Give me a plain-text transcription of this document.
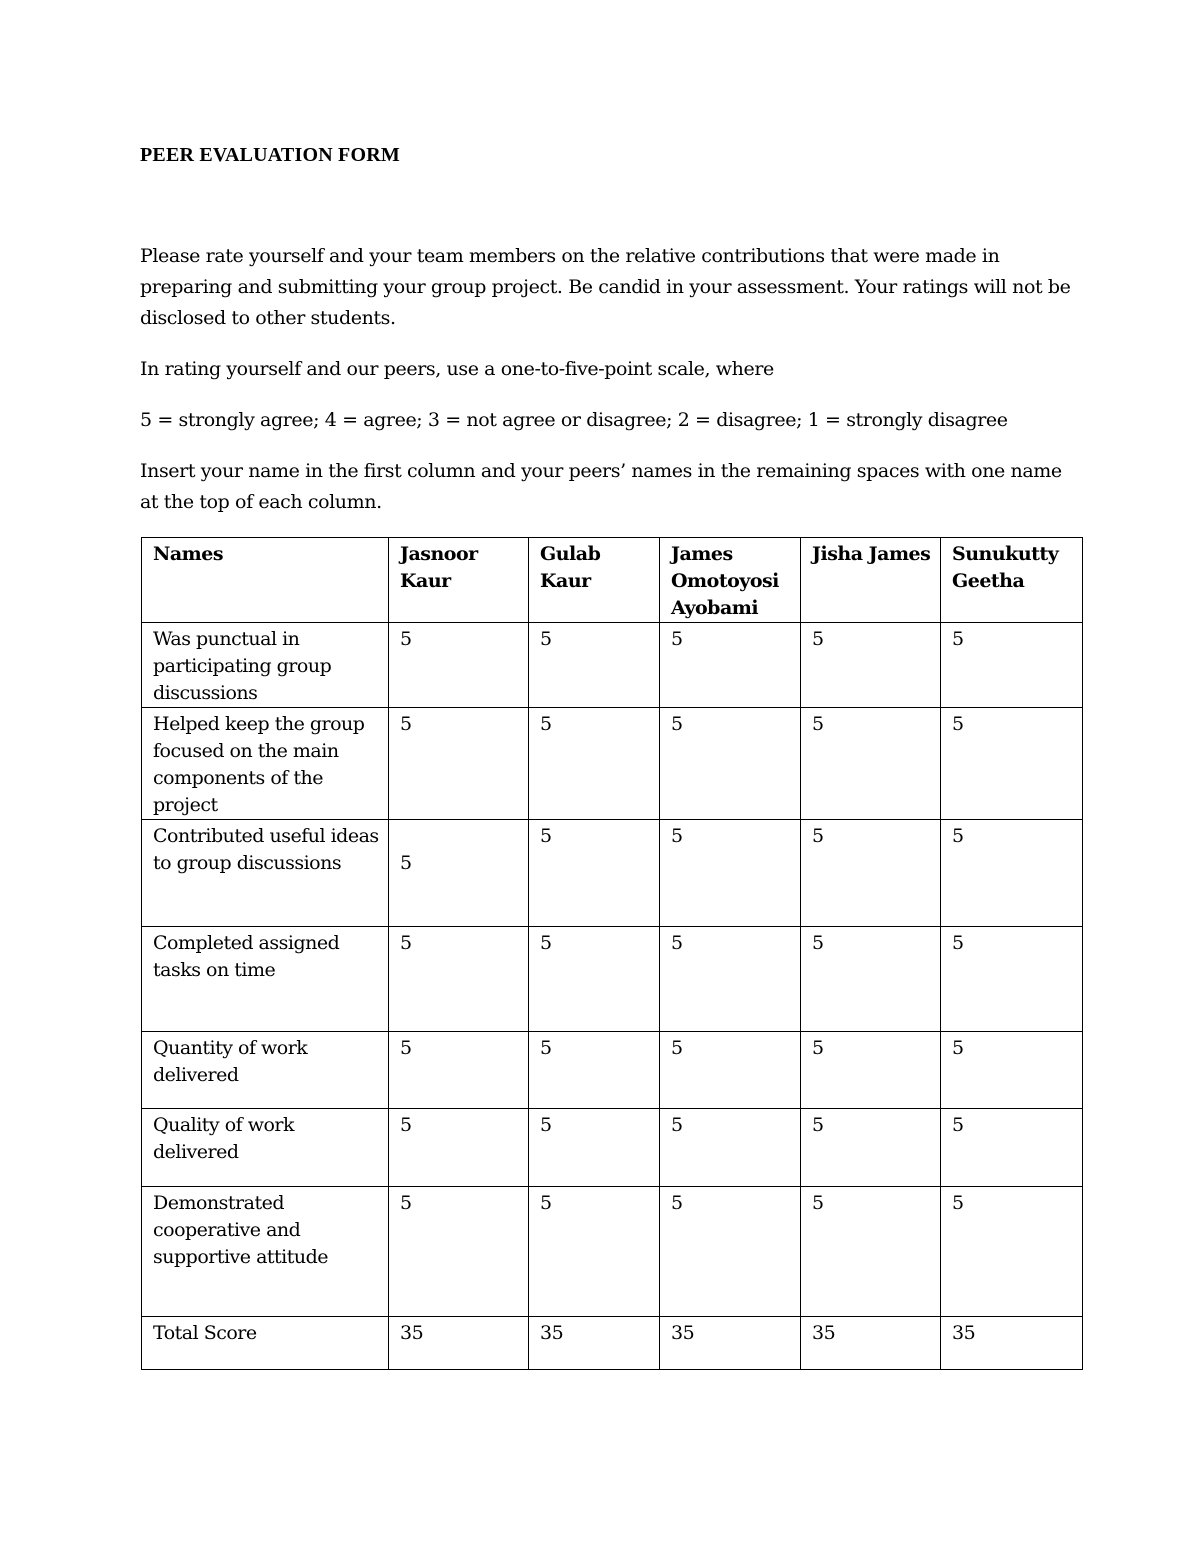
PEER EVALUATION FORM

Please rate yourself and your team members on the relative contributions that were made in preparing and submitting your group project. Be candid in your assessment. Your ratings will not be disclosed to other students.

In rating yourself and our peers, use a one-to-five-point scale, where

5 = strongly agree; 4 = agree; 3 = not agree or disagree; 2 = disagree; 1 = strongly disagree

Insert your name in the first column and your peers’ names in the remaining spaces with one name at the top of each column.

Names	Jasnoor Kaur	Gulab Kaur	James Omotoyosi Ayobami	Jisha James	Sunukutty Geetha
Was punctual in participating group discussions	5	5	5	5	5
Helped keep the group focused on the main components of the project	5	5	5	5	5
Contributed useful ideas to group discussions	5	5	5	5	5
Completed assigned tasks on time	5	5	5	5	5
Quantity of work delivered	5	5	5	5	5
Quality of work delivered	5	5	5	5	5
Demonstrated cooperative and supportive attitude	5	5	5	5	5
Total Score	35	35	35	35	35
